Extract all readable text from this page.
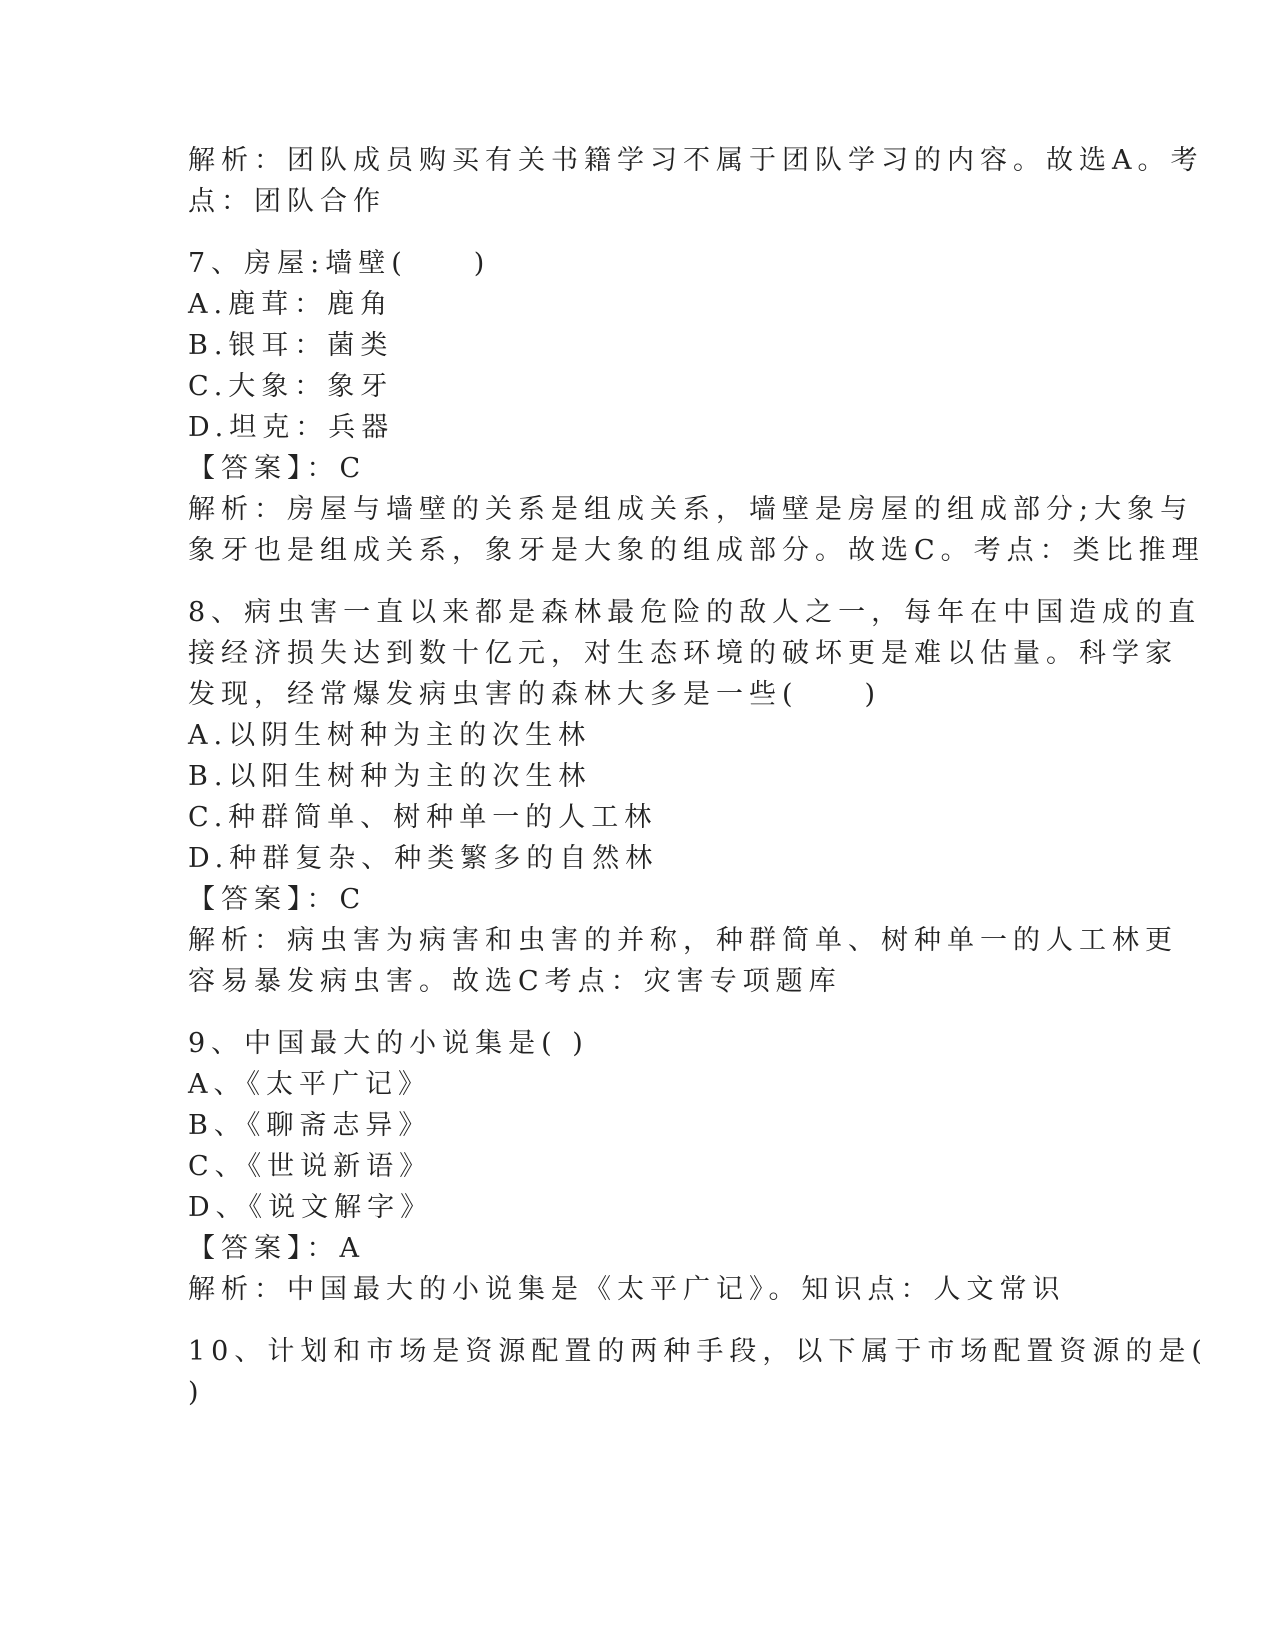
解析：团队成员购买有关书籍学习不属于团队学习的内容。故选A。考
点：团队合作
7、房屋:墙壁(　　)
A.鹿茸：鹿角
B.银耳：菌类
C.大象：象牙
D.坦克：兵器
【答案】：C
解析：房屋与墙壁的关系是组成关系，墙壁是房屋的组成部分;大象与
象牙也是组成关系，象牙是大象的组成部分。故选C。考点：类比推理
8、病虫害一直以来都是森林最危险的敌人之一，每年在中国造成的直
接经济损失达到数十亿元，对生态环境的破坏更是难以估量。科学家
发现，经常爆发病虫害的森林大多是一些(　　)
A.以阴生树种为主的次生林
B.以阳生树种为主的次生林
C.种群简单、树种单一的人工林
D.种群复杂、种类繁多的自然林
【答案】：C
解析：病虫害为病害和虫害的并称，种群简单、树种单一的人工林更
容易暴发病虫害。故选C考点：灾害专项题库
9、中国最大的小说集是( )
A、《太平广记》
B、《聊斋志异》
C、《世说新语》
D、《说文解字》
【答案】：A
解析：中国最大的小说集是《太平广记》。知识点：人文常识
10、计划和市场是资源配置的两种手段，以下属于市场配置资源的是(
)
